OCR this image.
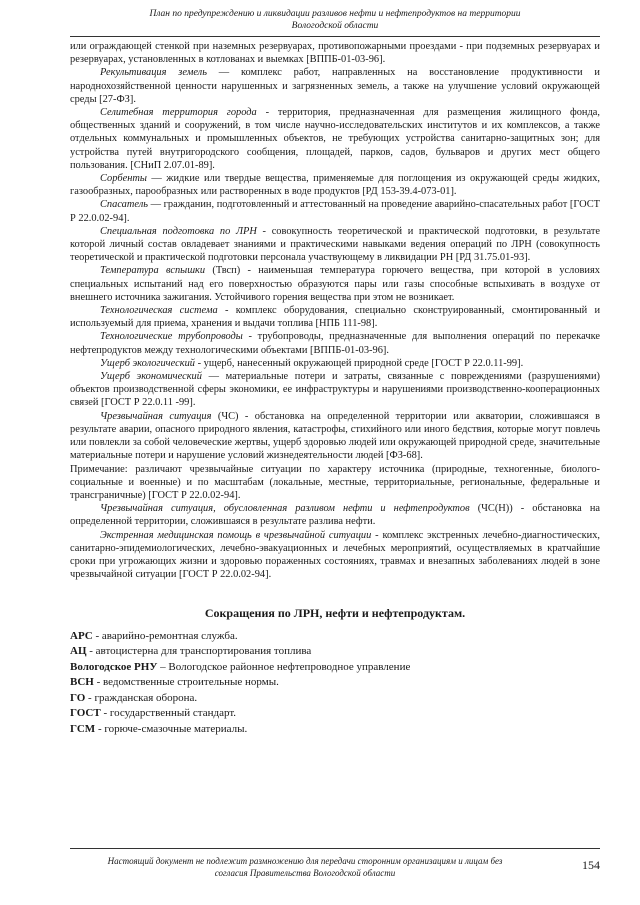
План по предупреждению и ликвидации разливов нефти и нефтепродуктов на территории
Вологодской области

или ограждающей стенкой при наземных резервуарах, противопожарными проездами - при подземных резервуарах и резервуарах, установленных в котлованах и выемках [ВППБ-01-03-96].

Рекультивация земель — комплекс работ, направленных на восстановление продуктивности и народнохозяйственной ценности нарушенных и загрязненных земель, а также на улучшение условий окружающей среды [27-ФЗ].

Селитебная территория города - территория, предназначенная для размещения жилищного фонда, общественных зданий и сооружений, в том числе научно-исследовательских институтов и их комплексов, а также отдельных коммунальных и промышленных объектов, не требующих устройства санитарно-защитных зон; для устройства путей внутригородского сообщения, площадей, парков, садов, бульваров и других мест общего пользования. [СНиП 2.07.01-89].

Сорбенты — жидкие или твердые вещества, применяемые для поглощения из окружающей среды жидких, газообразных, парообразных или растворенных в воде продуктов [РД 153-39.4-073-01].

Спасатель — гражданин, подготовленный и аттестованный на проведение аварийно-спасательных работ [ГОСТ Р 22.0.02-94].

Специальная подготовка по ЛРН - совокупность теоретической и практической подготовки, в результате которой личный состав овладевает знаниями и практическими навыками ведения операций по ЛРН (совокупность теоретической и практической подготовки персонала участвующему в ликвидации РН [РД 31.75.01-93].

Температура вспышки (Твсп) - наименьшая температура горючего вещества, при которой в условиях специальных испытаний над его поверхностью образуются пары или газы способные вспыхивать в воздухе от внешнего источника зажигания. Устойчивого горения вещества при этом не возникает.

Технологическая система - комплекс оборудования, специально сконструированный, смонтированный и используемый для приема, хранения и выдачи топлива [НПБ 111-98].

Технологические трубопроводы - трубопроводы, предназначенные для выполнения операций по перекачке нефтепродуктов между технологическими объектами [ВППБ-01-03-96].

Ущерб экологический - ущерб, нанесенный окружающей природной среде [ГОСТ Р 22.0.11-99].

Ущерб экономический — материальные потери и затраты, связанные с повреждениями (разрушениями) объектов производственной сферы экономики, ее инфраструктуры и нарушениями производственно-кооперационных связей [ГОСТ Р 22.0.11 -99].

Чрезвычайная ситуация (ЧС) - обстановка на определенной территории или акватории, сложившаяся в результате аварии, опасного природного явления, катастрофы, стихийного или иного бедствия, которые могут повлечь или повлекли за собой человеческие жертвы, ущерб здоровью людей или окружающей природной среде, значительные материальные потери и нарушение условий жизнедеятельности людей [ФЗ-68].

Примечание: различают чрезвычайные ситуации по характеру источника (природные, техногенные, биолого-социальные и военные) и по масштабам (локальные, местные, территориальные, региональные, федеральные и трансграничные) [ГОСТ Р 22.0.02-94].

Чрезвычайная ситуация, обусловленная разливом нефти и нефтепродуктов (ЧС(Н)) - обстановка на определенной территории, сложившаяся в результате разлива нефти.

Экстренная медицинская помощь в чрезвычайной ситуации - комплекс экстренных лечебно-диагностических, санитарно-эпидемиологических, лечебно-эвакуационных и лечебных мероприятий, осуществляемых в кратчайшие сроки при угрожающих жизни и здоровью пораженных состояниях, травмах и внезапных заболеваниях людей в зоне чрезвычайной ситуации [ГОСТ Р 22.0.02-94].

Сокращения по ЛРН, нефти и нефтепродуктам.

АРС - аварийно-ремонтная служба.

АЦ - автоцистерна для транспортирования топлива

Вологодское РНУ – Вологодское районное нефтепроводное управление

ВСН - ведомственные строительные нормы.

ГО - гражданская оборона.

ГОСТ - государственный стандарт.

ГСМ - горюче-смазочные материалы.

Настоящий документ не подлежит размножению для передачи сторонним организациям и лицам без
согласия Правительства Вологодской области
154
